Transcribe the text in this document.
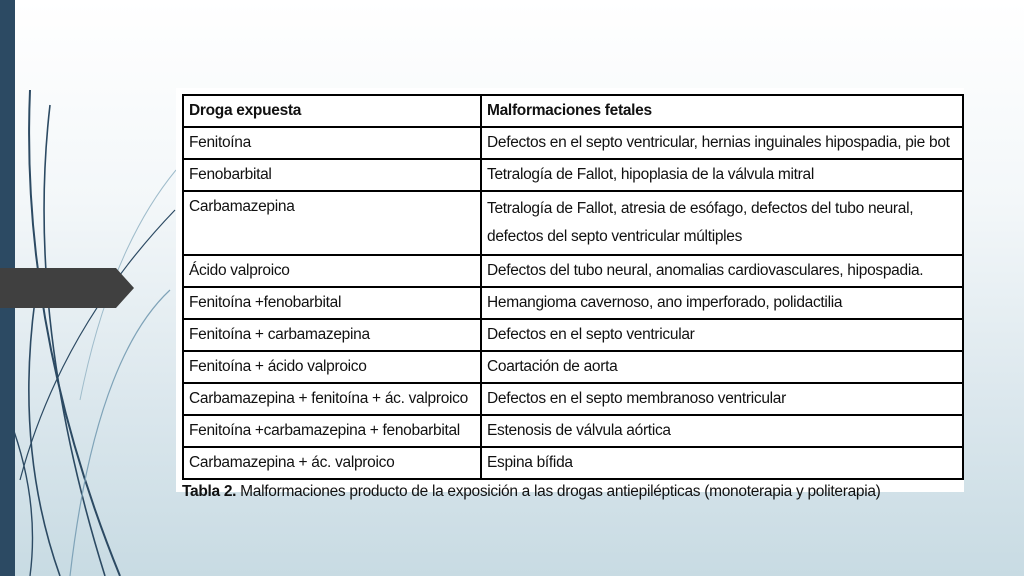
Droga expuesta	Malformaciones fetales
Fenitoína	Defectos en el septo ventricular, hernias inguinales hipospadia, pie bot
Fenobarbital	Tetralogía de Fallot, hipoplasia de la válvula mitral
Carbamazepina	Tetralogía de Fallot, atresia de esófago, defectos del tubo neural, defectos del septo ventricular múltiples
Ácido valproico	Defectos del tubo neural, anomalias cardiovasculares, hipospadia.
Fenitoína +fenobarbital	Hemangioma cavernoso, ano imperforado, polidactilia
Fenitoína + carbamazepina	Defectos en el septo ventricular
Fenitoína + ácido valproico	Coartación de aorta
Carbamazepina + fenitoína + ác. valproico	Defectos en el septo membranoso ventricular
Fenitoína +carbamazepina + fenobarbital	Estenosis de válvula aórtica
Carbamazepina + ác. valproico	Espina bífida
Tabla 2. Malformaciones producto de la exposición a las drogas antiepilépticas (monoterapia y politerapia)
